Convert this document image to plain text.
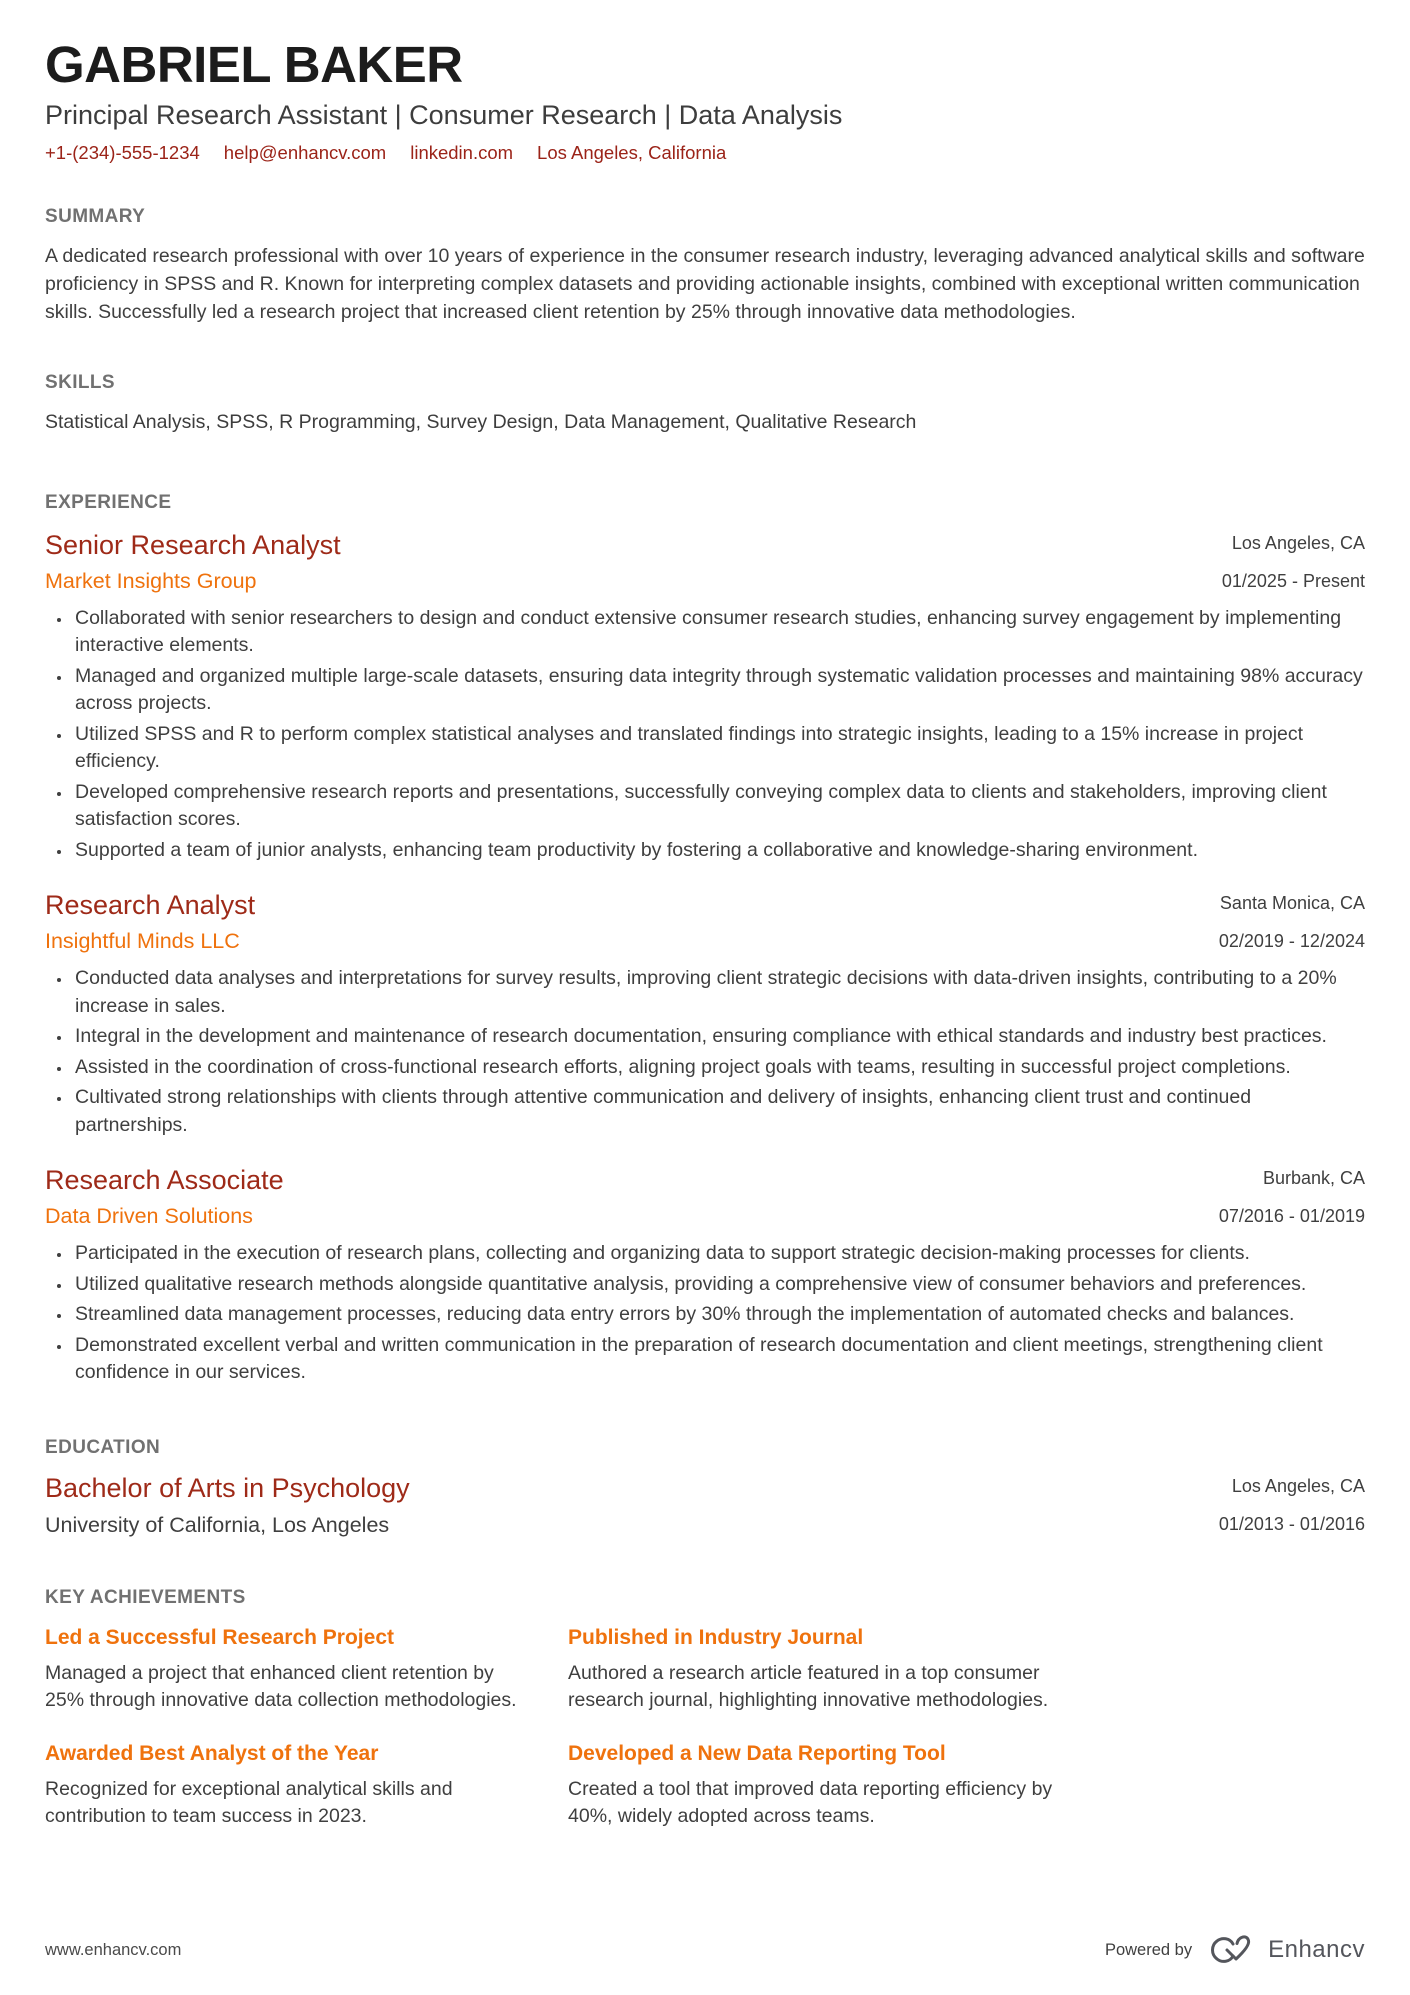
GABRIEL BAKER
Principal Research Assistant | Consumer Research | Data Analysis
+1-(234)-555-1234 help@enhancv.com linkedin.com Los Angeles, California
SUMMARY
A dedicated research professional with over 10 years of experience in the consumer research industry, leveraging advanced analytical skills and software proficiency in SPSS and R. Known for interpreting complex datasets and providing actionable insights, combined with exceptional written communication skills. Successfully led a research project that increased client retention by 25% through innovative data methodologies.
SKILLS
Statistical Analysis, SPSS, R Programming, Survey Design, Data Management, Qualitative Research
EXPERIENCE
Senior Research Analyst
Market Insights Group
Los Angeles, CA
01/2025 - Present
• Collaborated with senior researchers to design and conduct extensive consumer research studies, enhancing survey engagement by implementing interactive elements.
• Managed and organized multiple large-scale datasets, ensuring data integrity through systematic validation processes and maintaining 98% accuracy across projects.
• Utilized SPSS and R to perform complex statistical analyses and translated findings into strategic insights, leading to a 15% increase in project efficiency.
• Developed comprehensive research reports and presentations, successfully conveying complex data to clients and stakeholders, improving client satisfaction scores.
• Supported a team of junior analysts, enhancing team productivity by fostering a collaborative and knowledge-sharing environment.
Research Analyst
Insightful Minds LLC
Santa Monica, CA
02/2019 - 12/2024
• Conducted data analyses and interpretations for survey results, improving client strategic decisions with data-driven insights, contributing to a 20% increase in sales.
• Integral in the development and maintenance of research documentation, ensuring compliance with ethical standards and industry best practices.
• Assisted in the coordination of cross-functional research efforts, aligning project goals with teams, resulting in successful project completions.
• Cultivated strong relationships with clients through attentive communication and delivery of insights, enhancing client trust and continued partnerships.
Research Associate
Data Driven Solutions
Burbank, CA
07/2016 - 01/2019
• Participated in the execution of research plans, collecting and organizing data to support strategic decision-making processes for clients.
• Utilized qualitative research methods alongside quantitative analysis, providing a comprehensive view of consumer behaviors and preferences.
• Streamlined data management processes, reducing data entry errors by 30% through the implementation of automated checks and balances.
• Demonstrated excellent verbal and written communication in the preparation of research documentation and client meetings, strengthening client confidence in our services.
EDUCATION
Bachelor of Arts in Psychology
University of California, Los Angeles
Los Angeles, CA
01/2013 - 01/2016
KEY ACHIEVEMENTS
Led a Successful Research Project
Managed a project that enhanced client retention by 25% through innovative data collection methodologies.
Published in Industry Journal
Authored a research article featured in a top consumer research journal, highlighting innovative methodologies.
Awarded Best Analyst of the Year
Recognized for exceptional analytical skills and contribution to team success in 2023.
Developed a New Data Reporting Tool
Created a tool that improved data reporting efficiency by 40%, widely adopted across teams.
www.enhancv.com	Powered by	Enhancv
